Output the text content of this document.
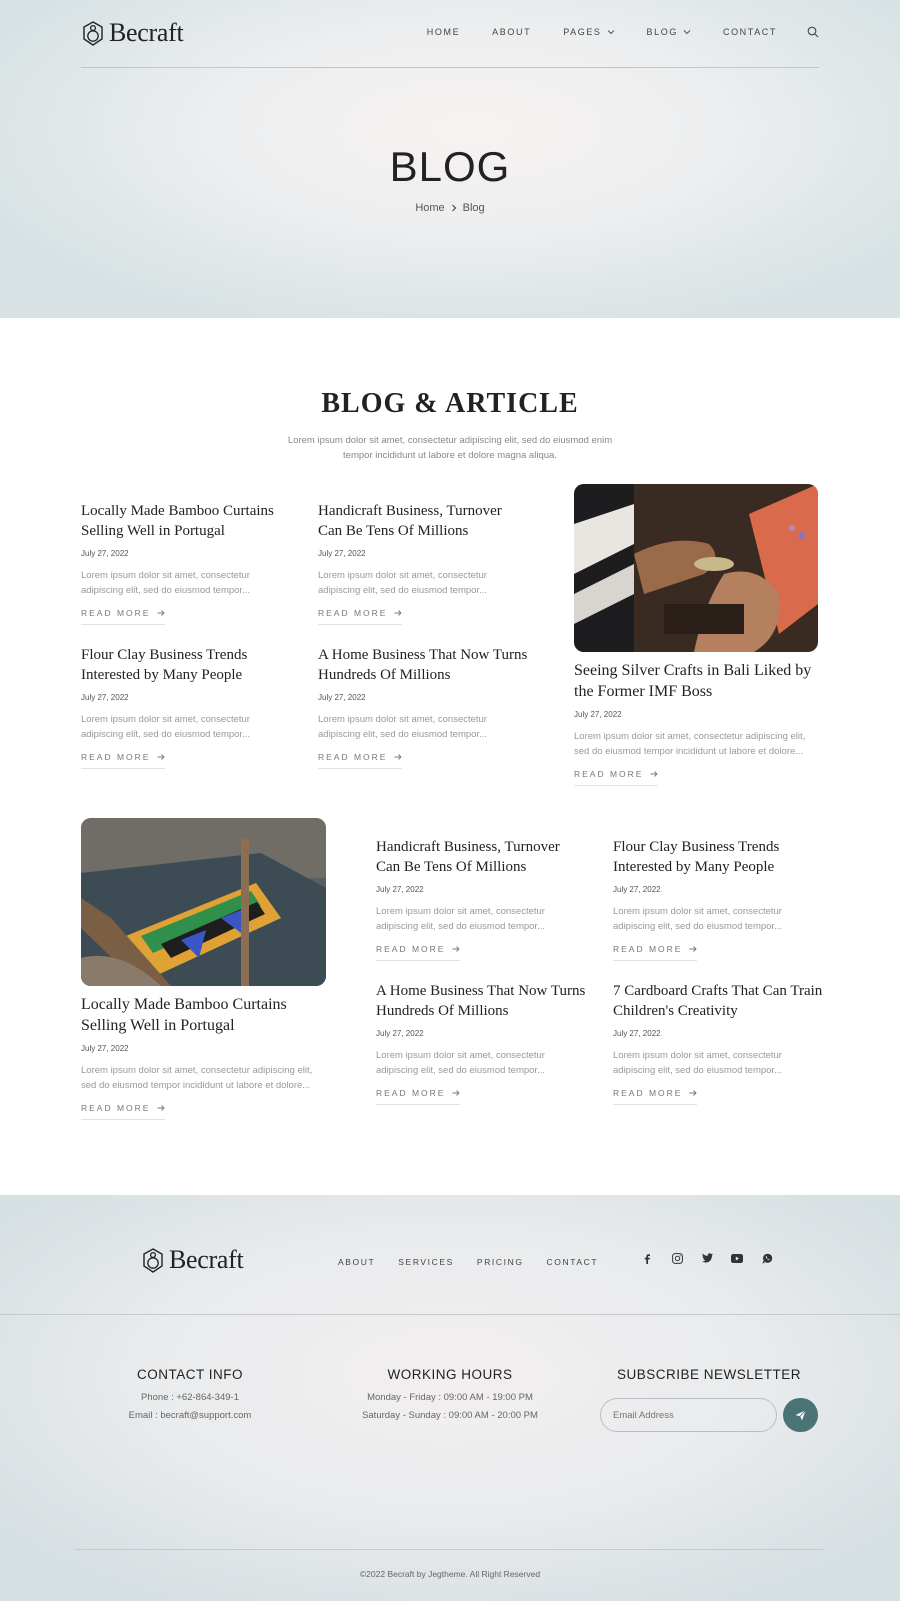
Becraft	HOME	ABOUT	PAGES	BLOG	CONTACT
BLOG
Home Blog
BLOG & ARTICLE

Lorem ipsum dolor sit amet, consectetur adipiscing elit, sed do eiusmod enim tempor incididunt ut labore et dolore magna aliqua.

Locally Made Bamboo Curtains Selling Well in Portugal
July 27, 2022

Lorem ipsum dolor sit amet, consectetur adipiscing elit, sed do eiusmod tempor...

READ MORE
Handicraft Business, Turnover Can Be Tens Of Millions
July 27, 2022

Lorem ipsum dolor sit amet, consectetur adipiscing elit, sed do eiusmod tempor...

READ MORE
Flour Clay Business Trends Interested by Many People
July 27, 2022

Lorem ipsum dolor sit amet, consectetur adipiscing elit, sed do eiusmod tempor...

READ MORE
A Home Business That Now Turns Hundreds Of Millions
July 27, 2022

Lorem ipsum dolor sit amet, consectetur adipiscing elit, sed do eiusmod tempor...

READ MORE
Seeing Silver Crafts in Bali Liked by the Former IMF Boss
July 27, 2022

Lorem ipsum dolor sit amet, consectetur adipiscing elit, sed do eiusmod tempor incididunt ut labore et dolore...

READ MORE
Locally Made Bamboo Curtains Selling Well in Portugal
July 27, 2022

Lorem ipsum dolor sit amet, consectetur adipiscing elit, sed do eiusmod tempor incididunt ut labore et dolore...

READ MORE
Handicraft Business, Turnover Can Be Tens Of Millions
July 27, 2022

Lorem ipsum dolor sit amet, consectetur adipiscing elit, sed do eiusmod tempor...

READ MORE
Flour Clay Business Trends Interested by Many People
July 27, 2022

Lorem ipsum dolor sit amet, consectetur adipiscing elit, sed do eiusmod tempor...

READ MORE
A Home Business That Now Turns Hundreds Of Millions
July 27, 2022

Lorem ipsum dolor sit amet, consectetur adipiscing elit, sed do eiusmod tempor...

READ MORE
7 Cardboard Crafts That Can Train Children's Creativity
July 27, 2022

Lorem ipsum dolor sit amet, consectetur adipiscing elit, sed do eiusmod tempor...

READ MORE
Becraft	ABOUT	SERVICES	PRICING	CONTACT
CONTACT INFO
Phone : +62-864-349-1
Email : becraft@support.com
WORKING HOURS
Monday - Friday : 09:00 AM - 19:00 PM
Saturday - Sunday : 09:00 AM - 20:00 PM
SUBSCRIBE NEWSLETTER
Email Address
©2022 Becraft by Jegtheme. All Right Reserved
